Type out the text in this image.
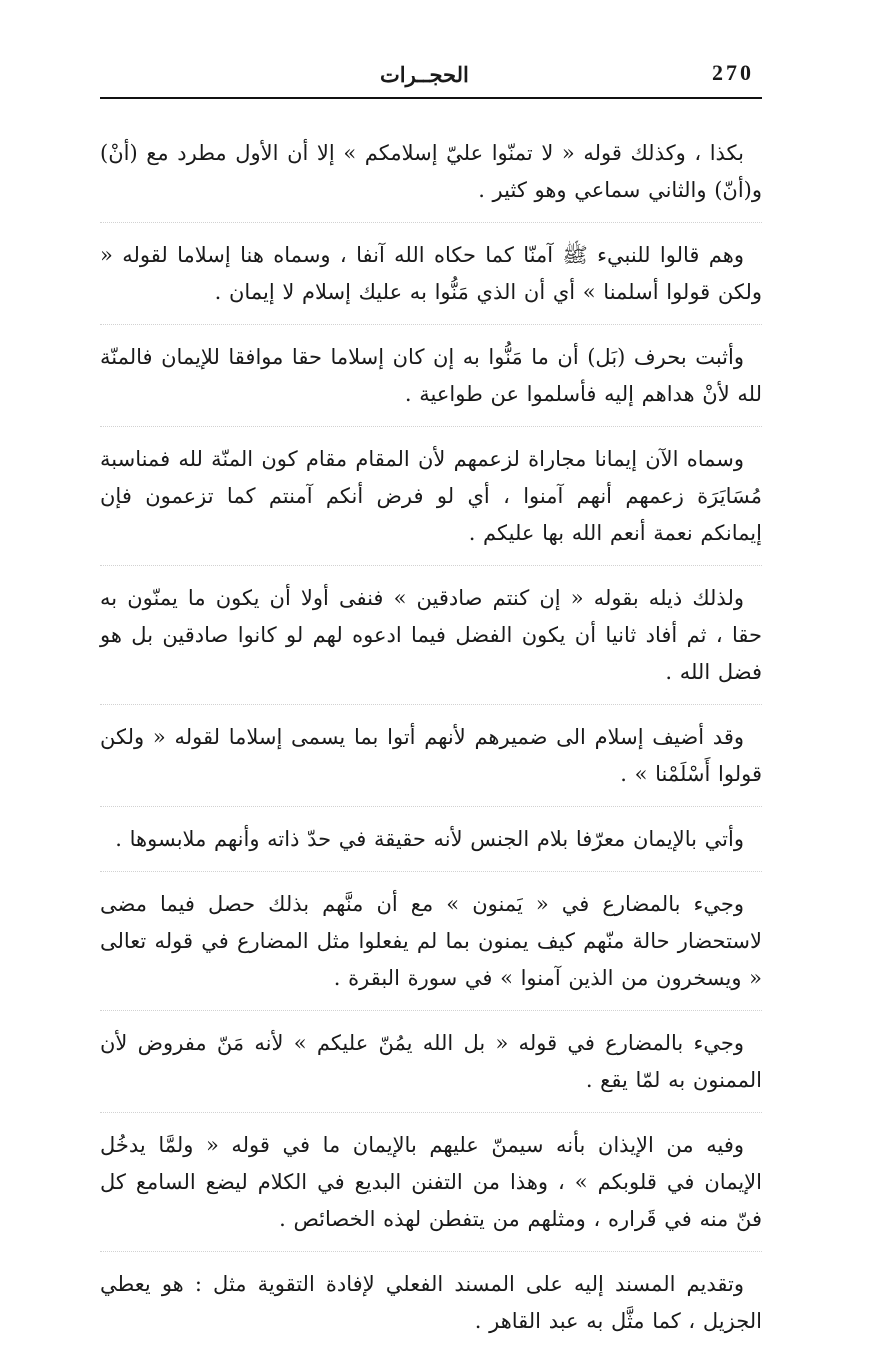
الحجــرات	270

بكذا ، وكذلك قوله « لا تمنّوا عليّ إسلامكم » إلا أن الأول مطرد مع (أنْ) و(أنّ) والثاني سماعي وهو كثير .

وهم قالوا للنبيء ﷺ آمنّا كما حكاه الله آنفا ، وسماه هنا إسلاما لقوله « ولكن قولوا أسلمنا » أي أن الذي مَنُّوا به عليك إسلام لا إيمان .

وأثبت بحرف (بَل) أن ما مَنُّوا به إن كان إسلاما حقا موافقا للإيمان فالمنّة لله لأنْ هداهم إليه فأسلموا عن طواعية .

وسماه الآن إيمانا مجاراة لزعمهم لأن المقام مقام كون المنّة لله فمناسبة مُسَايَرَة زعمهم أنهم آمنوا ، أي لو فرض أنكم آمنتم كما تزعمون فإن إيمانكم نعمة أنعم الله بها عليكم .

ولذلك ذيله بقوله « إن كنتم صادقين » فنفى أولا أن يكون ما يمنّون به حقا ، ثم أفاد ثانيا أن يكون الفضل فيما ادعوه لهم لو كانوا صادقين بل هو فضل الله .

وقد أضيف إسلام الى ضميرهم لأنهم أتوا بما يسمى إسلاما لقوله « ولكن قولوا أَسْلَمْنا » .

وأتي بالإيمان معرّفا بلام الجنس لأنه حقيقة في حدّ ذاته وأنهم ملابسوها .

وجيء بالمضارع في « يَمنون » مع أن منَّهم بذلك حصل فيما مضى لاستحضار حالة منّهم كيف يمنون بما لم يفعلوا مثل المضارع في قوله تعالى « ويسخرون من الذين آمنوا » في سورة البقرة .

وجيء بالمضارع في قوله « بل الله يمُنّ عليكم » لأنه مَنّ مفروض لأن الممنون به لمّا يقع .

وفيه من الإيذان بأنه سيمنّ عليهم بالإيمان ما في قوله « ولمَّا يدخُل الإيمان في قلوبكم » ، وهذا من التفنن البديع في الكلام ليضع السامع كل فنّ منه في قَراره ، ومثلهم من يتفطن لهذه الخصائص .

وتقديم المسند إليه على المسند الفعلي لإفادة التقوية مثل : هو يعطي الجزيل ، كما مثَّل به عبد القاهر .
